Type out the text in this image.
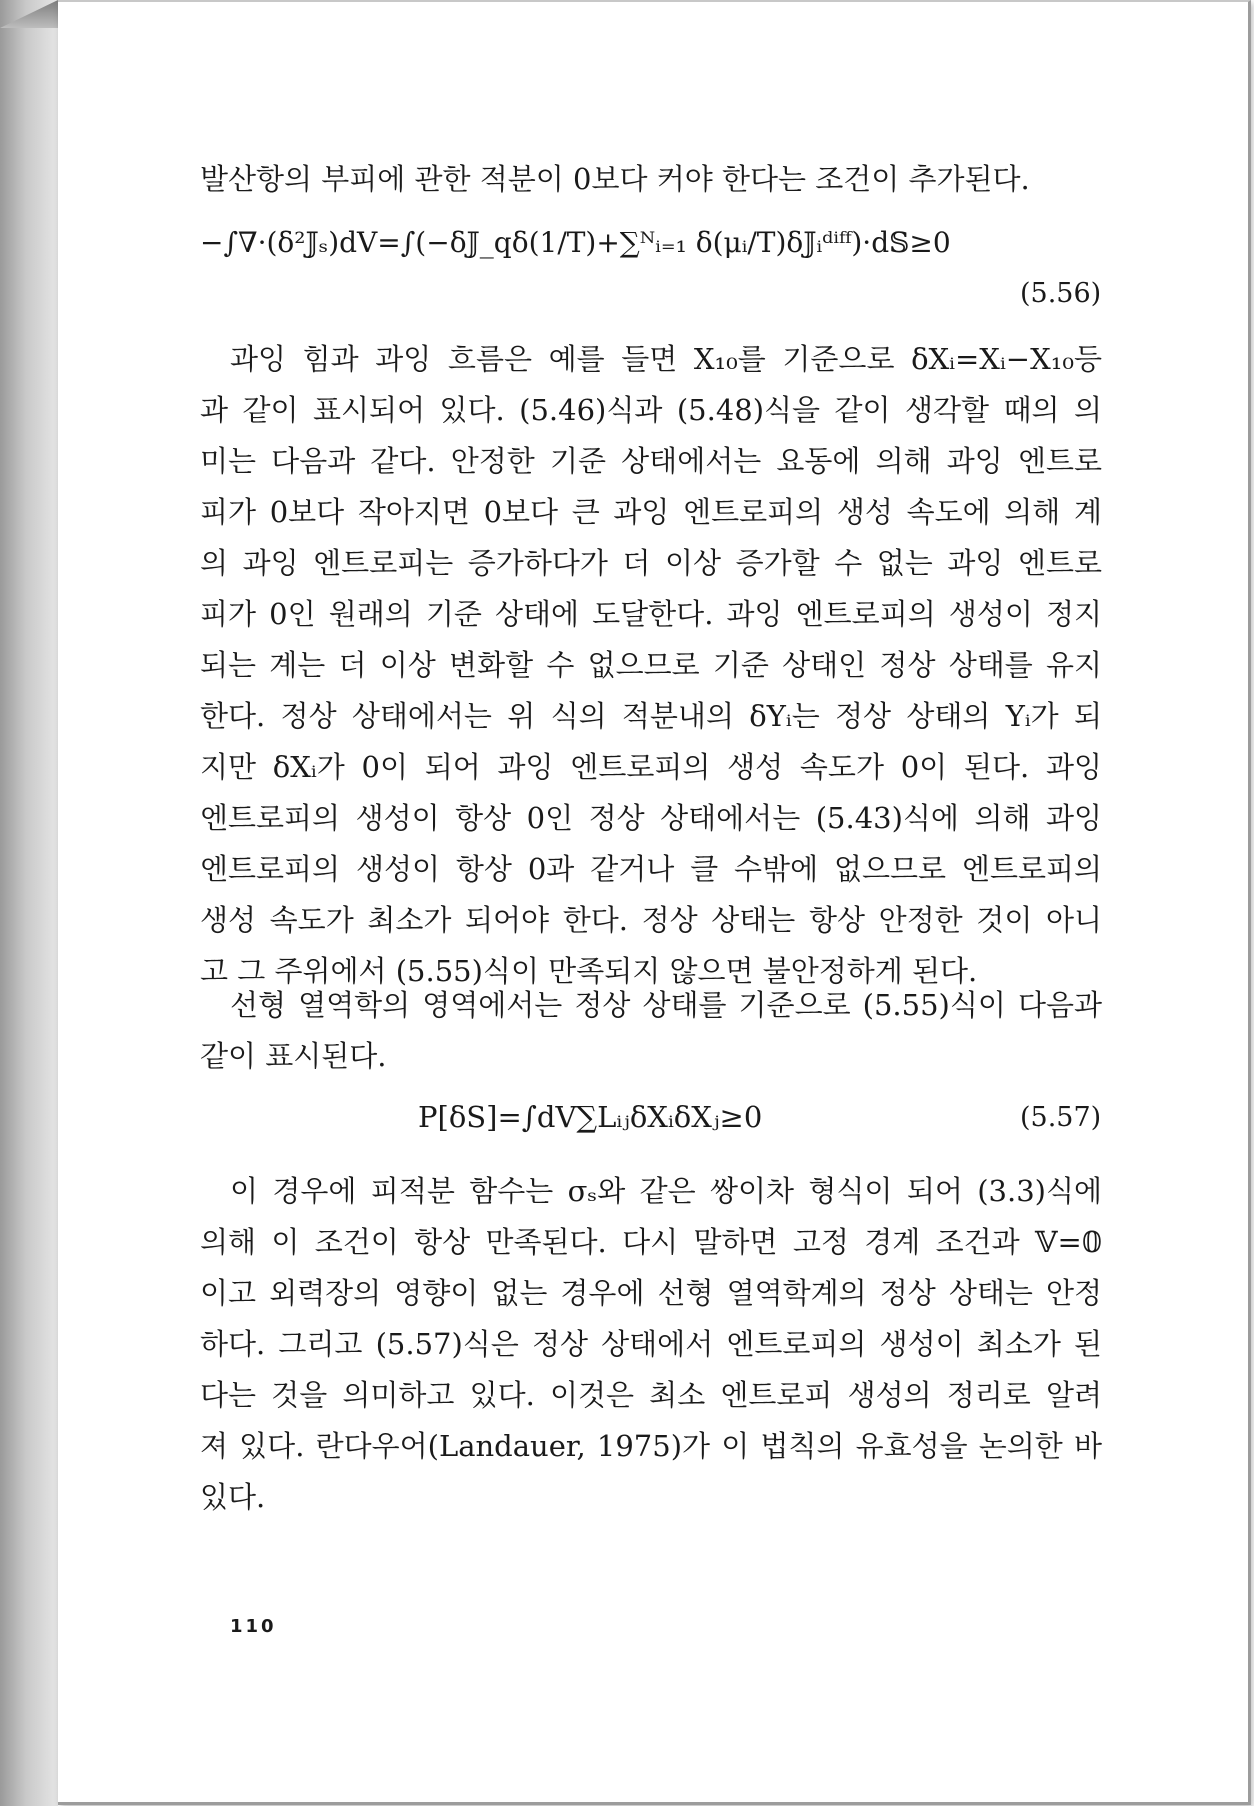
발산항의 부피에 관한 적분이 0보다 커야 한다는 조건이 추가된다.
−∫∇·(δ²𝕁ₛ)dV=∫(−δ𝕁_qδ(1/T)+∑ᴺᵢ₌₁ δ(μᵢ/T)δ𝕁ᵢᵈⁱᶠᶠ)·d𝕊≥0
(5.56)
과잉 힘과 과잉 흐름은 예를 들면 X₁₀를 기준으로 δXᵢ=Xᵢ−X₁₀등
과 같이 표시되어 있다. (5.46)식과 (5.48)식을 같이 생각할 때의 의
미는 다음과 같다. 안정한 기준 상태에서는 요동에 의해 과잉 엔트로
피가 0보다 작아지면 0보다 큰 과잉 엔트로피의 생성 속도에 의해 계
의 과잉 엔트로피는 증가하다가 더 이상 증가할 수 없는 과잉 엔트로
피가 0인 원래의 기준 상태에 도달한다. 과잉 엔트로피의 생성이 정지
되는 계는 더 이상 변화할 수 없으므로 기준 상태인 정상 상태를 유지
한다. 정상 상태에서는 위 식의 적분내의 δYᵢ는 정상 상태의 Yᵢ가 되
지만 δXᵢ가 0이 되어 과잉 엔트로피의 생성 속도가 0이 된다. 과잉
엔트로피의 생성이 항상 0인 정상 상태에서는 (5.43)식에 의해 과잉
엔트로피의 생성이 항상 0과 같거나 클 수밖에 없으므로 엔트로피의
생성 속도가 최소가 되어야 한다. 정상 상태는 항상 안정한 것이 아니
고 그 주위에서 (5.55)식이 만족되지 않으면 불안정하게 된다.
선형 열역학의 영역에서는 정상 상태를 기준으로 (5.55)식이 다음과
같이 표시된다.
P[δS]=∫dV∑LᵢⱼδXᵢδXⱼ≥0	(5.57)
이 경우에 피적분 함수는 σₛ와 같은 쌍이차 형식이 되어 (3.3)식에
의해 이 조건이 항상 만족된다. 다시 말하면 고정 경계 조건과 𝕍=𝟘
이고 외력장의 영향이 없는 경우에 선형 열역학계의 정상 상태는 안정
하다. 그리고 (5.57)식은 정상 상태에서 엔트로피의 생성이 최소가 된
다는 것을 의미하고 있다. 이것은 최소 엔트로피 생성의 정리로 알려
져 있다. 란다우어(Landauer, 1975)가 이 법칙의 유효성을 논의한 바
있다.
110
